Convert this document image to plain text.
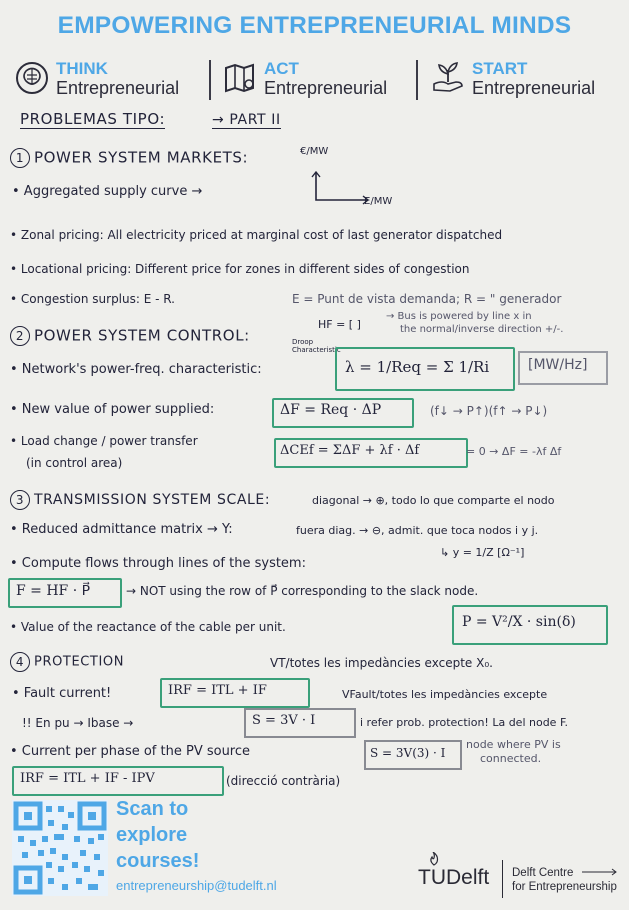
EMPOWERING ENTREPRENEURIAL MINDS
THINK
Entrepreneurial
ACT
Entrepreneurial
START
Entrepreneurial
PROBLEMAS TIPO:	→ PART II
1 POWER SYSTEM MARKETS:	€/MW
• Aggregated supply curve →
E/MW
• Zonal pricing: All electricity priced at marginal cost of last generator dispatched
• Locational pricing: Different price for zones in different sides of congestion
• Congestion surplus: E - R.	E = Punt de vista demanda; R = " generador
2 POWER SYSTEM CONTROL:
HF = [ ]
→ Bus is powered by line x in
the normal/inverse direction +/-.
Droop Characteristic
• Network's power-freq. characteristic:	λ = 1/Req = Σ 1/Ri	[MW/Hz]
• New value of power supplied:	ΔF = Req · ΔP	(f↓ → P↑)(f↑ → P↓)
• Load change / power transfer
(in control area)
ΔCEf = ΣΔF + λf · Δf	= 0 → ΔF = -λf Δf
3 TRANSMISSION SYSTEM SCALE:	diagonal → ⊕, todo lo que comparte el nodo
• Reduced admittance matrix → Y:	fuera diag. → ⊖, admit. que toca nodos i y j.
↳ y = 1/Z [Ω⁻¹]
• Compute flows through lines of the system:
F = HF · P⃗	→ NOT using the row of P⃗ corresponding to the slack node.
• Value of the reactance of the cable per unit.	P = V²/X · sin(δ)
4 PROTECTION	VT/totes les impedàncies excepte X₀.
• Fault current!	IRF = ITL + IF	VFault/totes les impedàncies excepte
!! En pu → Ibase →	S = 3V · I	i refer prob. protection! La del node F.
• Current per phase of the PV source	S = 3V(3) · I
node where PV is
connected.
IRF = ITL + IF - IPV	(direcció contrària)
Scan to
explore
courses!
entrepreneurship@tudelft.nl	TUDelft Delft Centre
for Entrepreneurship
